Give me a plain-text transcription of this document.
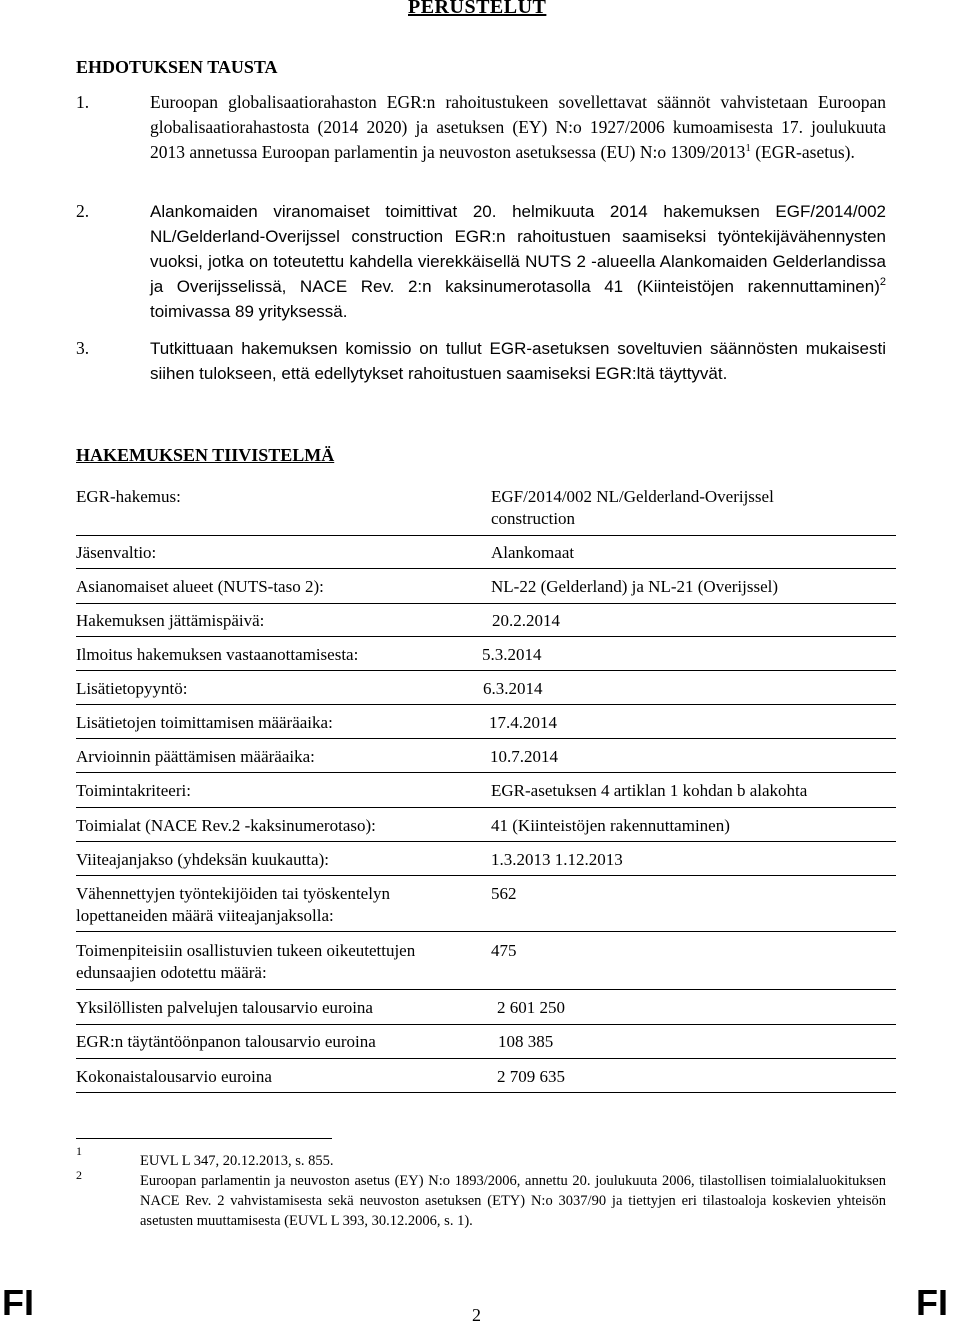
PERUSTELUT
EHDOTUKSEN TAUSTA
1.	Euroopan globalisaatiorahaston EGR:n rahoitustukeen sovellettavat säännöt vahvistetaan Euroopan globalisaatiorahastosta (2014 2020) ja asetuksen (EY) N:o 1927/2006 kumoamisesta 17. joulukuuta 2013 annetussa Euroopan parlamentin ja neuvoston asetuksessa (EU) N:o 1309/2013$^1$ (EGR-asetus).
2.	Alankomaiden viranomaiset toimittivat 20. helmikuuta 2014 hakemuksen EGF/2014/002 NL/Gelderland-Overijssel construction EGR:n rahoitustuen saamiseksi työntekijävähennysten vuoksi, jotka on toteutettu kahdella vierekkäisellä NUTS 2 -alueella Alankomaiden Gelderlandissa ja Overijsselissä, NACE Rev. 2:n kaksinumerotasolla 41 (Kiinteistöjen rakennuttaminen)$^2$ toimivassa 89 yrityksessä.
3.	Tutkittuaan hakemuksen komissio on tullut EGR-asetuksen soveltuvien säännösten mukaisesti siihen tulokseen, että edellytykset rahoitustuen saamiseksi EGR:ltä täyttyvät.
HAKEMUKSEN TIIVISTELMÄ
EGR-hakemus:	EGF/2014/002 NL/Gelderland-Overijssel construction
Jäsenvaltio:	Alankomaat
Asianomaiset alueet (NUTS-taso 2):	NL-22 (Gelderland) ja NL-21 (Overijssel)
Hakemuksen jättämispäivä:	20.2.2014
Ilmoitus hakemuksen vastaanottamisesta:	5.3.2014
Lisätietopyyntö:	6.3.2014
Lisätietojen toimittamisen määräaika:	17.4.2014
Arvioinnin päättämisen määräaika:	10.7.2014
Toimintakriteeri:	EGR-asetuksen 4 artiklan 1 kohdan b alakohta
Toimialat (NACE Rev.2 -kaksinumerotaso):	41 (Kiinteistöjen rakennuttaminen)
Viiteajanjakso (yhdeksän kuukautta):	1.3.2013 1.12.2013
Vähennettyjen työntekijöiden tai työskentelyn lopettaneiden määrä viiteajanjaksolla:
562
Toimenpiteisiin osallistuvien tukeen oikeutettujen edunsaajien odotettu määrä:
475
Yksilöllisten palvelujen talousarvio euroina	2 601 250
EGR:n täytäntöönpanon talousarvio euroina	108 385
Kokonaistalousarvio euroina	2 709 635
1
EUVL L 347, 20.12.2013, s. 855.
2	Euroopan parlamentin ja neuvoston asetus (EY) N:o 1893/2006, annettu 20. joulukuuta 2006, tilastollisen toimialaluokituksen NACE Rev. 2 vahvistamisesta sekä neuvoston asetuksen (ETY) N:o 3037/90 ja tiettyjen eri tilastoaloja koskevien yhteisön asetusten muuttamisesta (EUVL L 393, 30.12.2006, s. 1).
FI	2	FI
